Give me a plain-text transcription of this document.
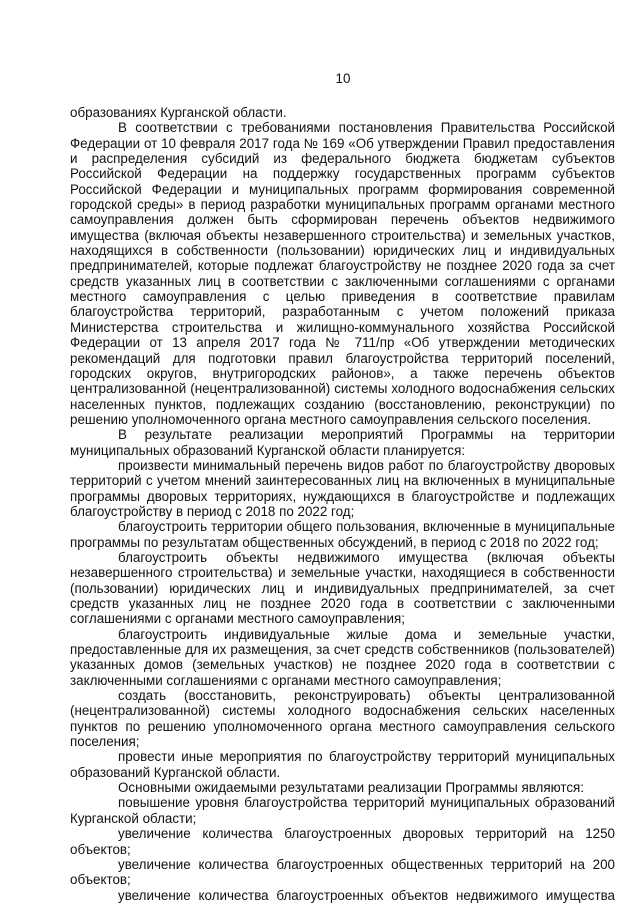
10

образованиях Курганской области.

В соответствии с требованиями постановления Правительства Российской Федерации от 10 февраля 2017 года № 169 «Об утверждении Правил предоставления и распределения субсидий из федерального бюджета бюджетам субъектов Российской Федерации на поддержку государственных программ субъектов Российской Федерации и муниципальных программ формирования современной городской среды» в период разработки муниципальных программ органами местного самоуправления должен быть сформирован перечень объектов недвижимого имущества (включая объекты незавершенного строительства) и земельных участков, находящихся в собственности (пользовании) юридических лиц и индивидуальных предпринимателей, которые подлежат благоустройству не позднее 2020 года за счет средств указанных лиц в соответствии с заключенными соглашениями с органами местного самоуправления с целью приведения в соответствие правилам благоустройства территорий, разработанным с учетом положений приказа Министерства строительства и жилищно-коммунального хозяйства Российской Федерации от 13 апреля 2017 года № 711/пр «Об утверждении методических рекомендаций для подготовки правил благоустройства территорий поселений, городских округов, внутригородских районов», а также перечень объектов централизованной (нецентрализованной) системы холодного водоснабжения сельских населенных пунктов, подлежащих созданию (восстановлению, реконструкции) по решению уполномоченного органа местного самоуправления сельского поселения.

В результате реализации мероприятий Программы на территории муниципальных образований Курганской области планируется:

произвести минимальный перечень видов работ по благоустройству дворовых территорий с учетом мнений заинтересованных лиц на включенных в муниципальные программы дворовых территориях, нуждающихся в благоустройстве и подлежащих благоустройству в период с 2018 по 2022 год;

благоустроить территории общего пользования, включенные в муниципальные программы по результатам общественных обсуждений, в период с 2018 по 2022 год;

благоустроить объекты недвижимого имущества (включая объекты незавершенного строительства) и земельные участки, находящиеся в собственности (пользовании) юридических лиц и индивидуальных предпринимателей, за счет средств указанных лиц не позднее 2020 года в соответствии с заключенными соглашениями с органами местного самоуправления;

благоустроить индивидуальные жилые дома и земельные участки, предоставленные для их размещения, за счет средств собственников (пользователей) указанных домов (земельных участков) не позднее 2020 года в соответствии с заключенными соглашениями с органами местного самоуправления;

создать (восстановить, реконструировать) объекты централизованной (нецентрализованной) системы холодного водоснабжения сельских населенных пунктов по решению уполномоченного органа местного самоуправления сельского поселения;

провести иные мероприятия по благоустройству территорий муниципальных образований Курганской области.

Основными ожидаемыми результатами реализации Программы являются:

повышение уровня благоустройства территорий муниципальных образований Курганской области;

увеличение количества благоустроенных дворовых территорий на 1250 объектов;

увеличение количества благоустроенных общественных территорий на 200 объектов;

увеличение количества благоустроенных объектов недвижимого имущества
